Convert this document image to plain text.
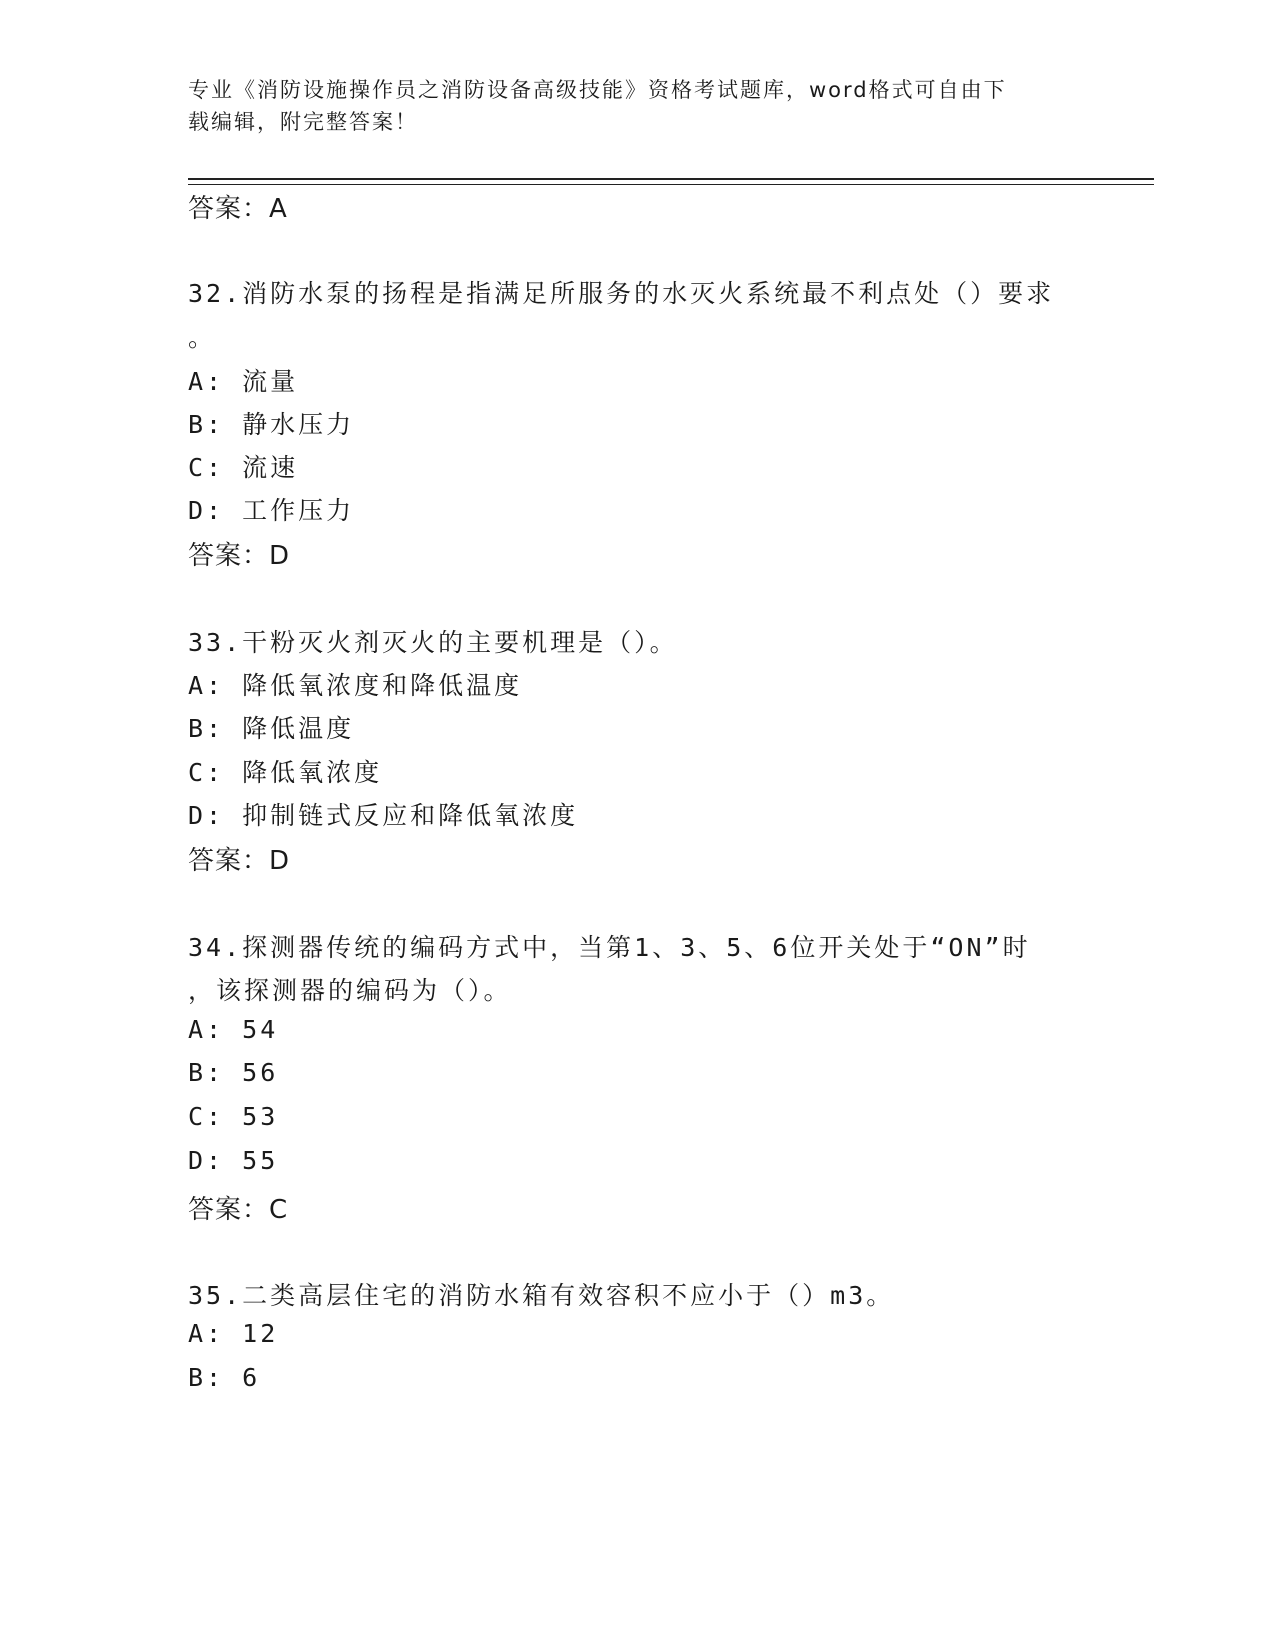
专业《消防设施操作员之消防设备高级技能》资格考试题库，word格式可自由下
载编辑，附完整答案！
答案：A
32.消防水泵的扬程是指满足所服务的水灭火系统最不利点处（）要求
。
A: 流量
B: 静水压力
C: 流速
D: 工作压力
答案：D
33.干粉灭火剂灭火的主要机理是（）。
A: 降低氧浓度和降低温度
B: 降低温度
C: 降低氧浓度
D: 抑制链式反应和降低氧浓度
答案：D
34.探测器传统的编码方式中，当第1、3、5、6位开关处于“ON”时
，该探测器的编码为（）。
A: 54
B: 56
C: 53
D: 55
答案：C
35.二类高层住宅的消防水箱有效容积不应小于（）m3。
A: 12
B: 6
